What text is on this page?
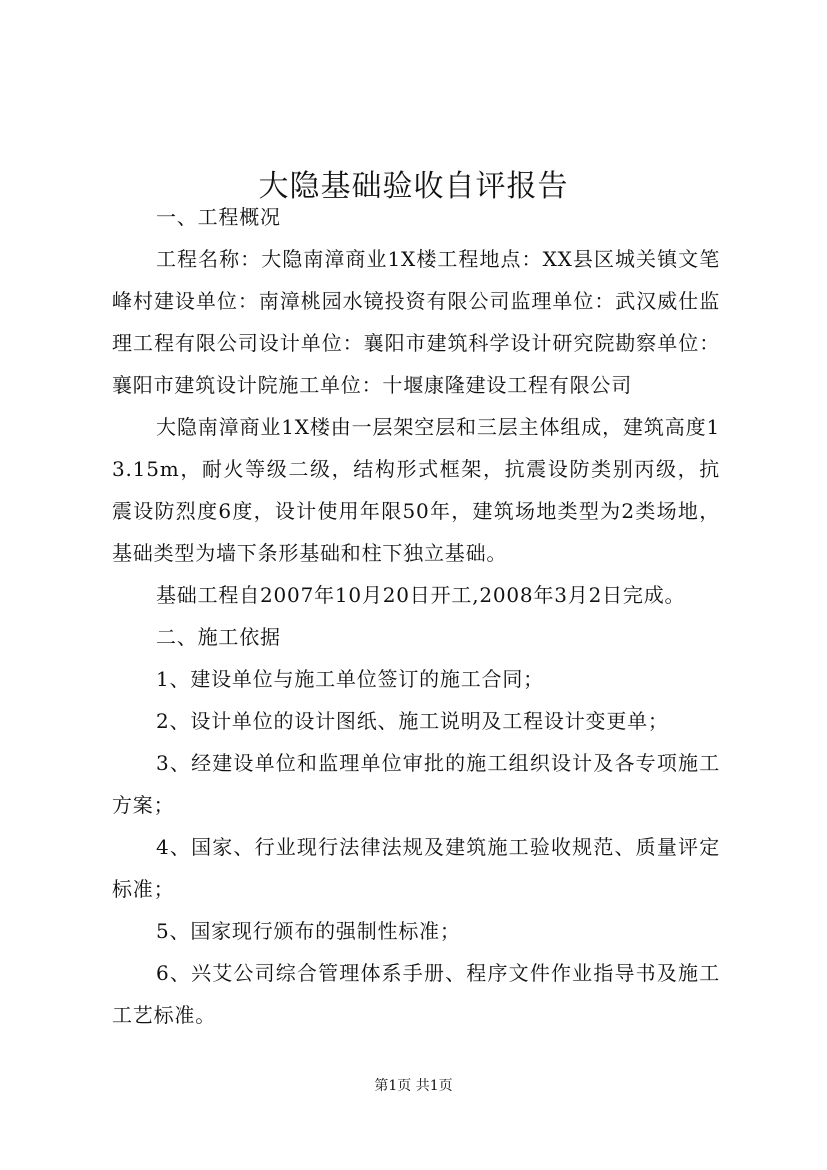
大隐基础验收自评报告

一、工程概况

工程名称：大隐南漳商业1X楼工程地点：XX县区城关镇文笔峰村建设单位：南漳桃园水镜投资有限公司监理单位：武汉威仕监理工程有限公司设计单位：襄阳市建筑科学设计研究院勘察单位：襄阳市建筑设计院施工单位：十堰康隆建设工程有限公司

大隐南漳商业1X楼由一层架空层和三层主体组成，建筑高度13.15m，耐火等级二级，结构形式框架，抗震设防类别丙级，抗震设防烈度6度，设计使用年限50年，建筑场地类型为2类场地，基础类型为墙下条形基础和柱下独立基础。

基础工程自2007年10月20日开工,2008年3月2日完成。

二、施工依据

1、建设单位与施工单位签订的施工合同；

2、设计单位的设计图纸、施工说明及工程设计变更单；

3、经建设单位和监理单位审批的施工组织设计及各专项施工方案；

4、国家、行业现行法律法规及建筑施工验收规范、质量评定标准；

5、国家现行颁布的强制性标准；

6、兴艾公司综合管理体系手册、程序文件作业指导书及施工工艺标准。

第1页 共1页
